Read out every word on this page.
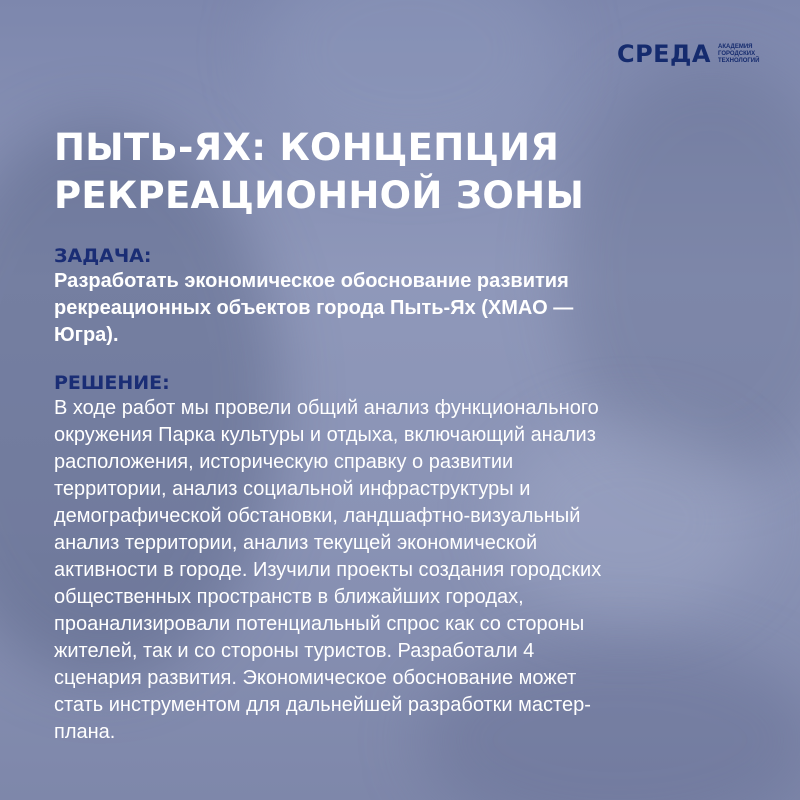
СРЕДА АКАДЕМИЯ ГОРОДСКИХ ТЕХНОЛОГИЙ
ПЫТЬ-ЯХ: КОНЦЕПЦИЯ
РЕКРЕАЦИОННОЙ ЗОНЫ
ЗАДАЧА:
Разработать экономическое обоснование развития
рекреационных объектов города Пыть-Ях (ХМАО —
Югра).
РЕШЕНИЕ:
В ходе работ мы провели общий анализ функционального
окружения Парка культуры и отдыха, включающий анализ
расположения, историческую справку о развитии
территории, анализ социальной инфраструктуры и
демографической обстановки, ландшафтно-визуальный
анализ территории, анализ текущей экономической
активности в городе. Изучили проекты создания городских
общественных пространств в ближайших городах,
проанализировали потенциальный спрос как со стороны
жителей, так и со стороны туристов. Разработали 4
сценария развития. Экономическое обоснование может
стать инструментом для дальнейшей разработки мастер-
плана.
